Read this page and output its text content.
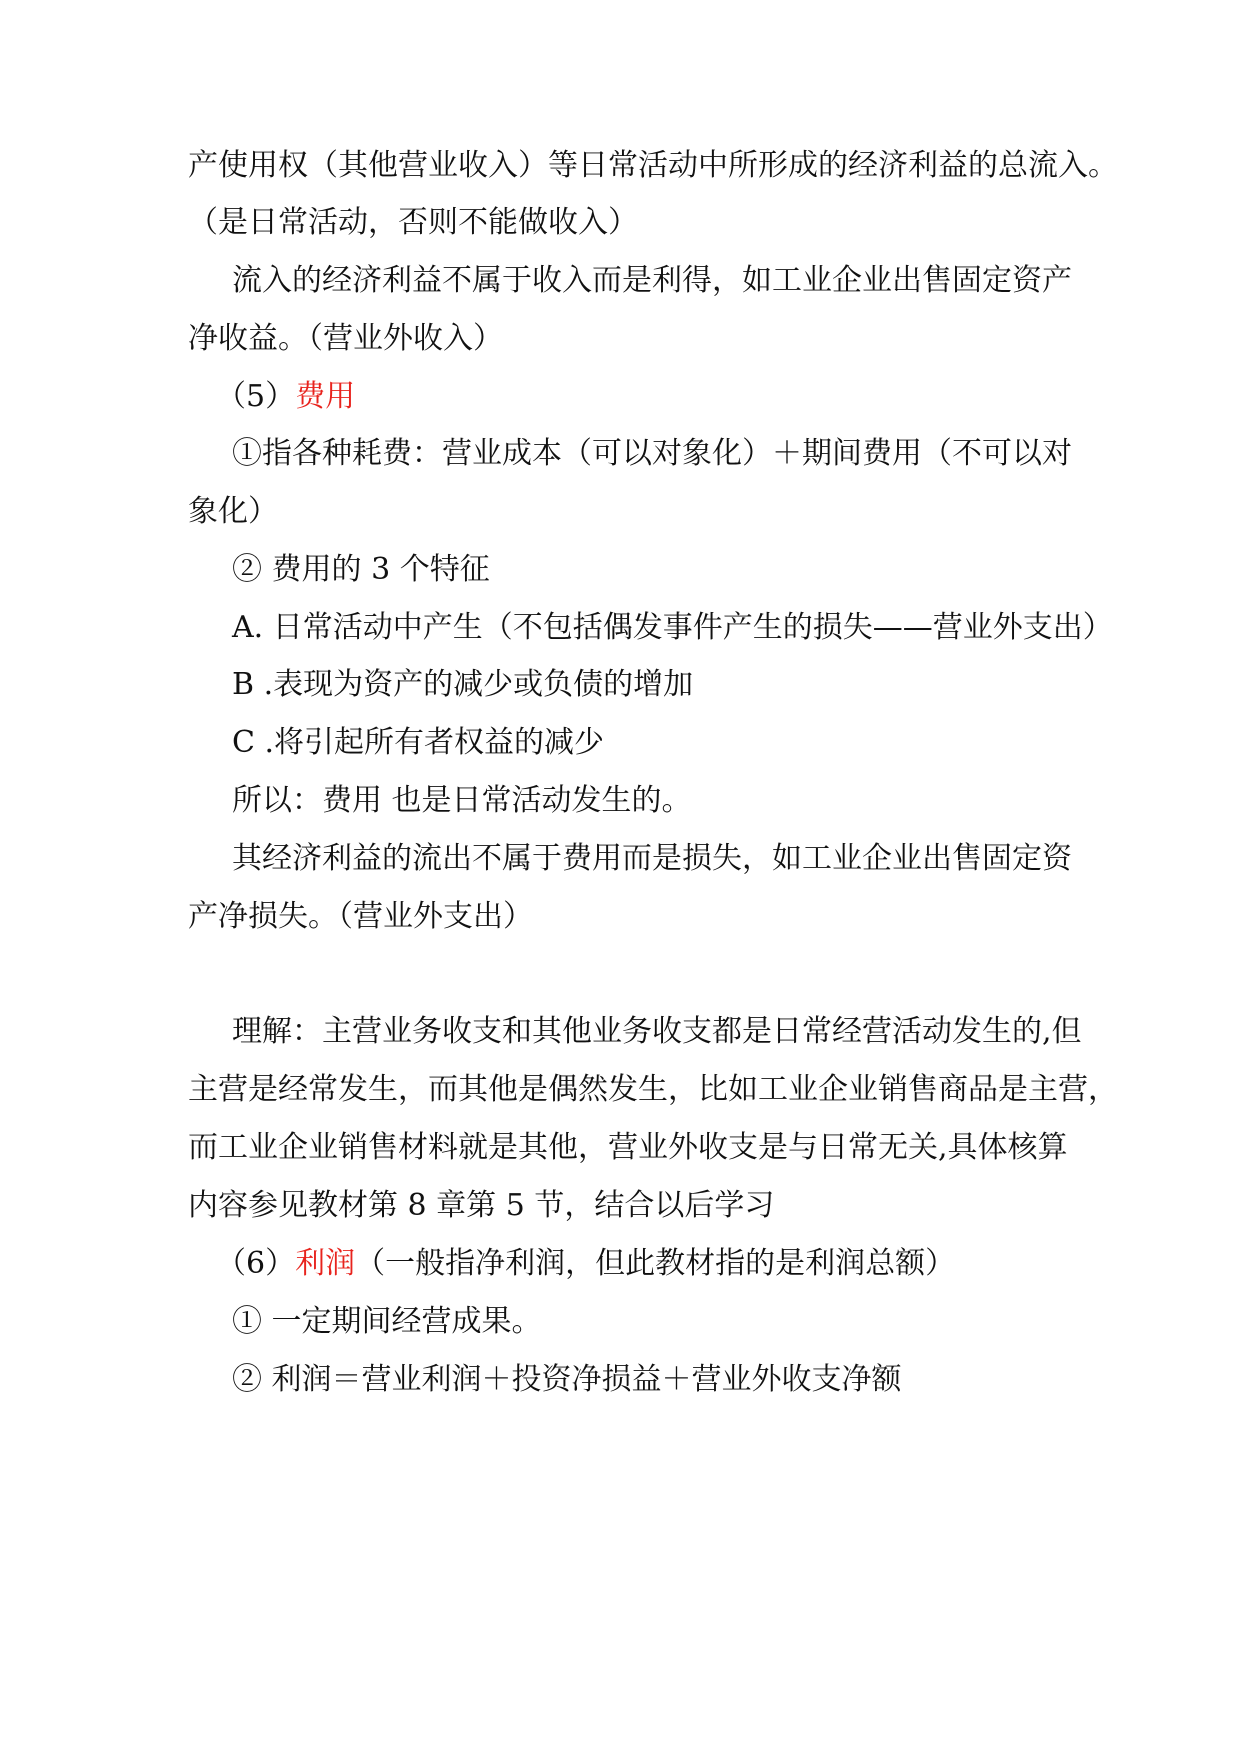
产使用权（其他营业收入）等日常活动中所形成的经济利益的总流入。
（是日常活动，否则不能做收入）
流入的经济利益不属于收入而是利得，如工业企业出售固定资产
净收益。（营业外收入）
（5）费用
①指各种耗费：营业成本（可以对象化）＋期间费用（不可以对
象化）
② 费用的 3 个特征
A. 日常活动中产生（不包括偶发事件产生的损失——营业外支出）
B .表现为资产的减少或负债的增加
C .将引起所有者权益的减少
所以：费用 也是日常活动发生的。
其经济利益的流出不属于费用而是损失，如工业企业出售固定资
产净损失。（营业外支出）
理解：主营业务收支和其他业务收支都是日常经营活动发生的,但
主营是经常发生，而其他是偶然发生，比如工业企业销售商品是主营，
而工业企业销售材料就是其他，营业外收支是与日常无关,具体核算
内容参见教材第 8 章第 5 节，结合以后学习
（6）利润（一般指净利润，但此教材指的是利润总额）
① 一定期间经营成果。
② 利润＝营业利润＋投资净损益＋营业外收支净额
